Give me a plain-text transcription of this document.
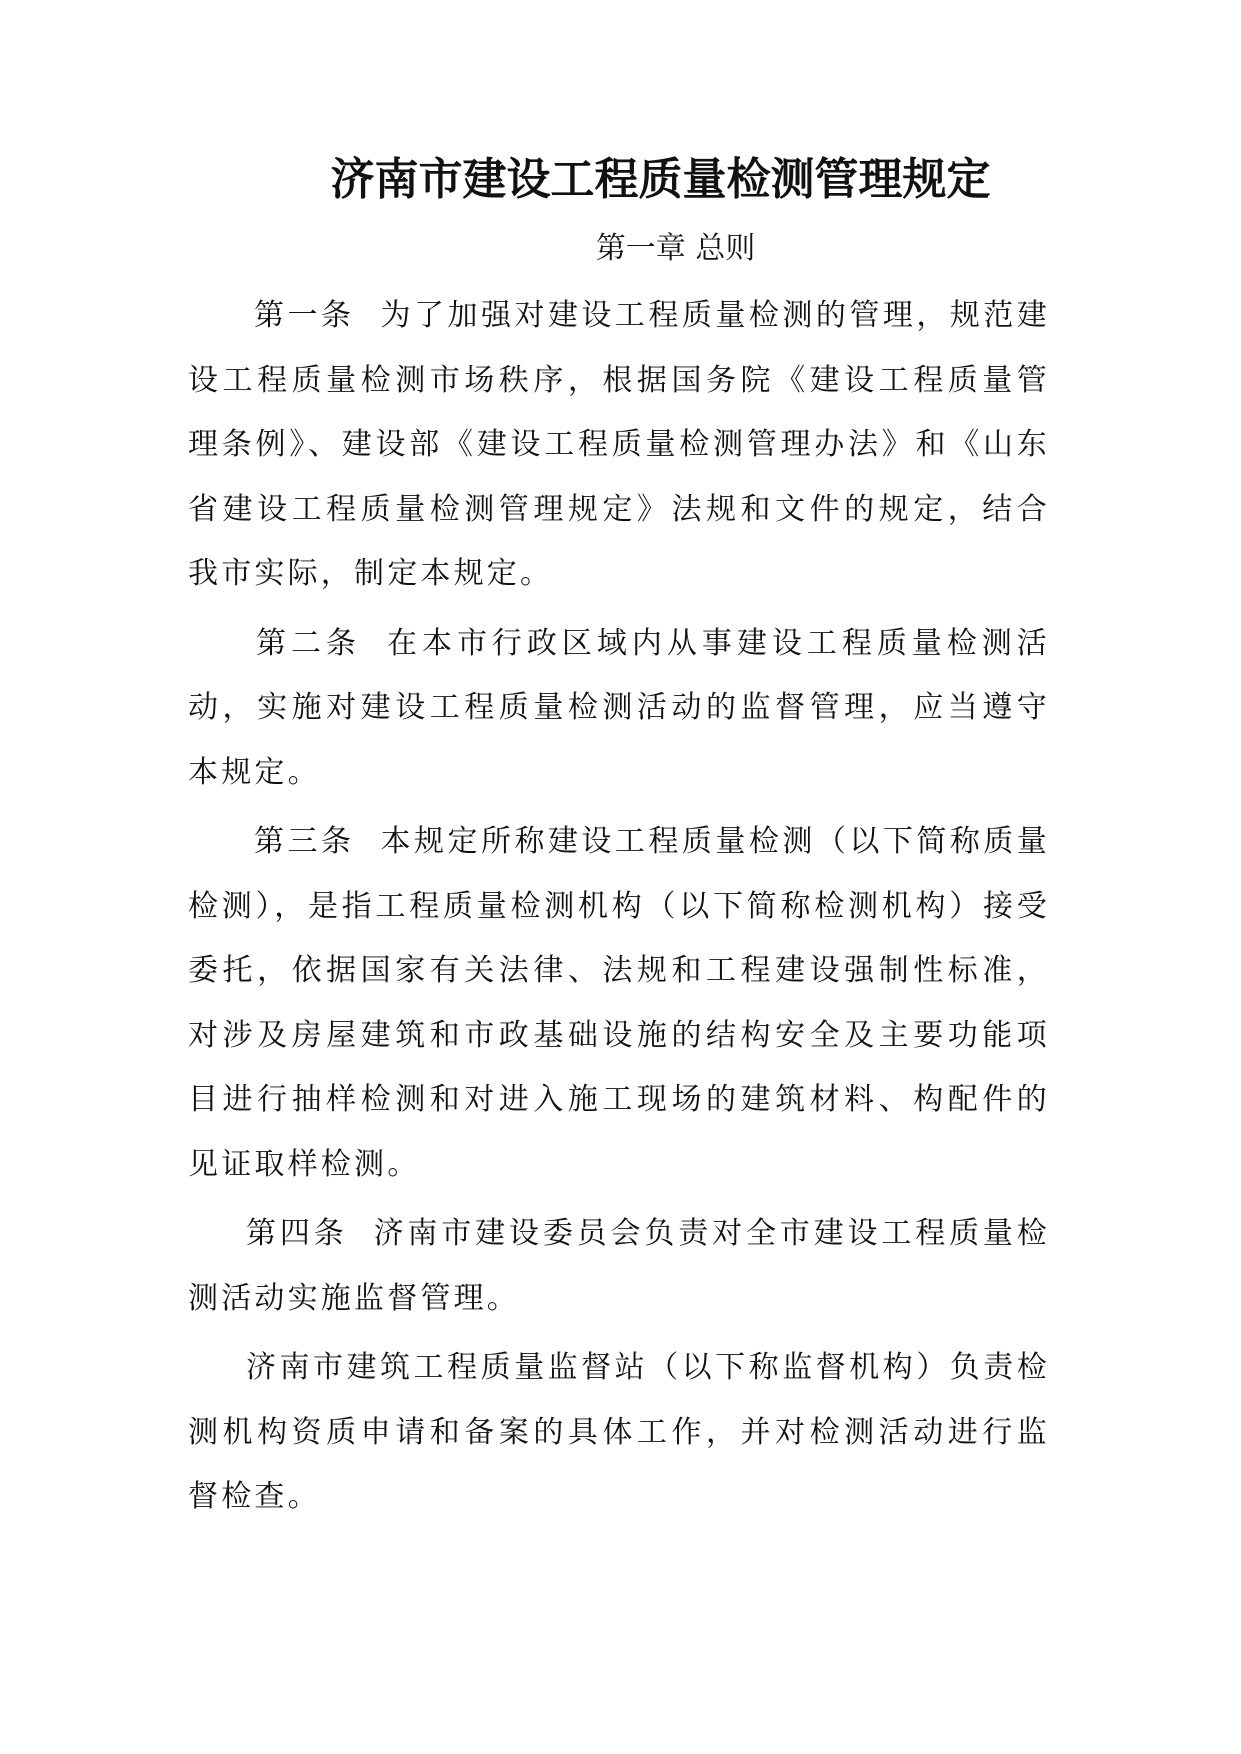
济南市建设工程质量检测管理规定
第一章 总则

第一条 为了加强对建设工程质量检测的管理，规范建设工程质量检测市场秩序，根据国务院《建设工程质量管理条例》、建设部《建设工程质量检测管理办法》和《山东省建设工程质量检测管理规定》法规和文件的规定，结合我市实际，制定本规定。

第二条 在本市行政区域内从事建设工程质量检测活动，实施对建设工程质量检测活动的监督管理，应当遵守本规定。

第三条 本规定所称建设工程质量检测（以下简称质量检测），是指工程质量检测机构（以下简称检测机构）接受委托，依据国家有关法律、法规和工程建设强制性标准，对涉及房屋建筑和市政基础设施的结构安全及主要功能项目进行抽样检测和对进入施工现场的建筑材料、构配件的见证取样检测。

第四条 济南市建设委员会负责对全市建设工程质量检测活动实施监督管理。

济南市建筑工程质量监督站（以下称监督机构）负责检测机构资质申请和备案的具体工作，并对检测活动进行监督检查。
